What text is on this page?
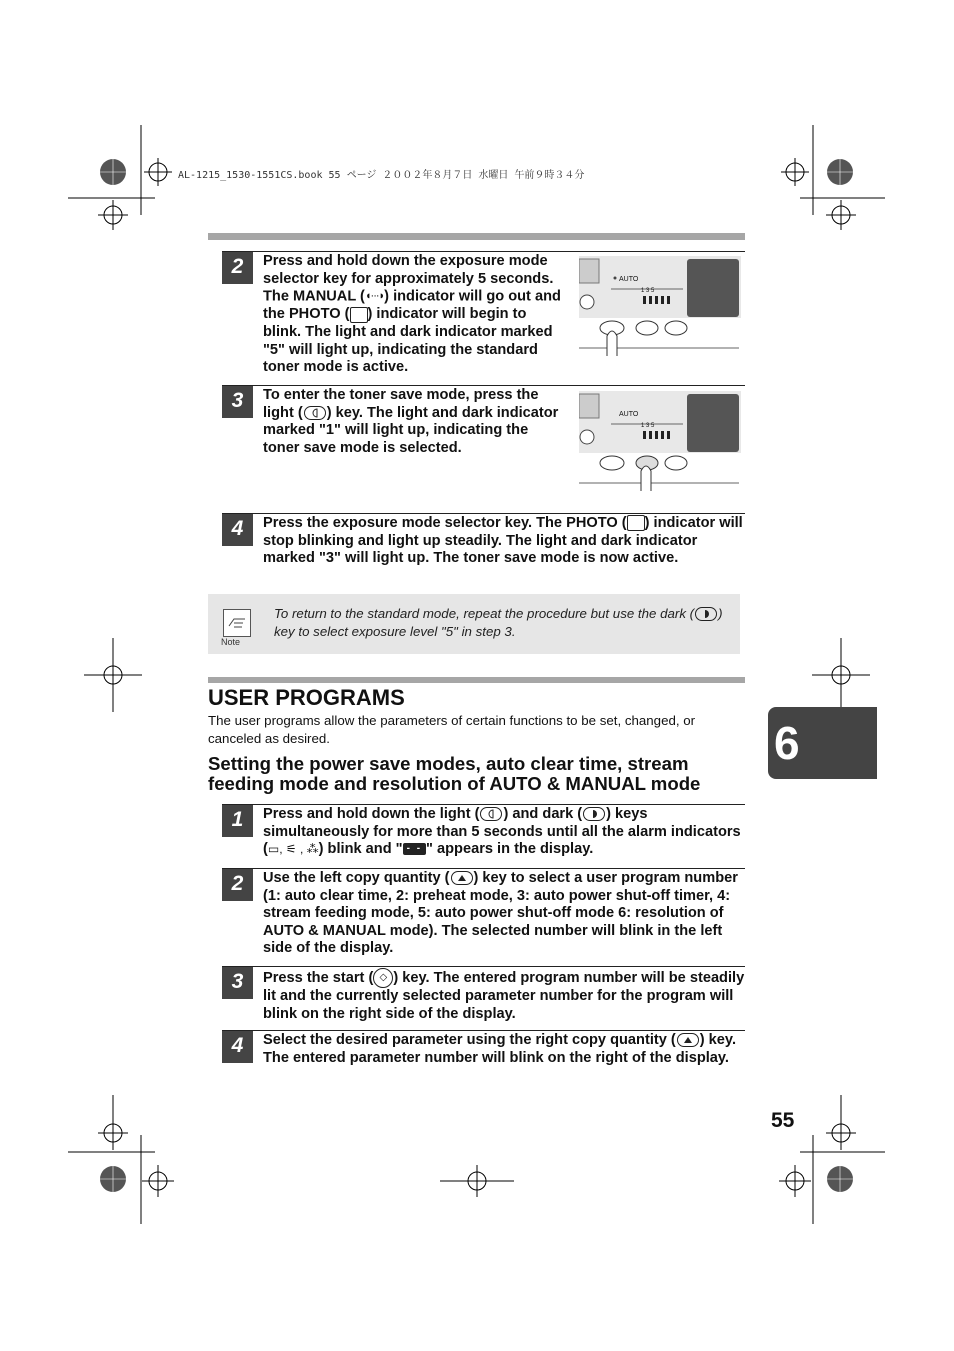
AL-1215_1530-1551CS.book 55 ページ ２００２年８月７日 水曜日 午前９時３４分
2	Press and hold down the exposure mode selector key for approximately 5 seconds. The MANUAL (◖···◗) indicator will go out and the PHOTO ( ) indicator will begin to blink. The light and dark indicator marked "5" will light up, indicating the standard toner mode is active.
3	To enter the toner save mode, press the light ( ) key. The light and dark indicator marked "1" will light up, indicating the toner save mode is selected.
4	Press the exposure mode selector key. The PHOTO ( ) indicator will stop blinking and light up steadily. The light and dark indicator marked "3" will light up. The toner save mode is now active.
AUTO
1 3 5
AUTO
1 3 5
Note
To return to the standard mode, repeat the procedure but use the dark ( ) key to select exposure level "5" in step 3.
USER PROGRAMS
The user programs allow the parameters of certain functions to be set, changed, or canceled as desired.
Setting the power save modes, auto clear time, stream feeding mode and resolution of AUTO & MANUAL mode
1	Press and hold down the light ( ) and dark ( ) keys simultaneously for more than 5 seconds until all the alarm indicators (▭, ⚟ , ⁂) blink and " - - " appears in the display.
2	Use the left copy quantity ( ) key to select a user program number (1: auto clear time, 2: preheat mode, 3: auto power shut-off timer, 4: stream feeding mode, 5: auto power shut-off mode 6: resolution of AUTO & MANUAL mode). The selected number will blink in the left side of the display.
3	Press the start ( ◇ ) key. The entered program number will be steadily lit and the currently selected parameter number for the program will blink on the right side of the display.
4	Select the desired parameter using the right copy quantity ( ) key. The entered parameter number will blink on the right of the display.
6
55
